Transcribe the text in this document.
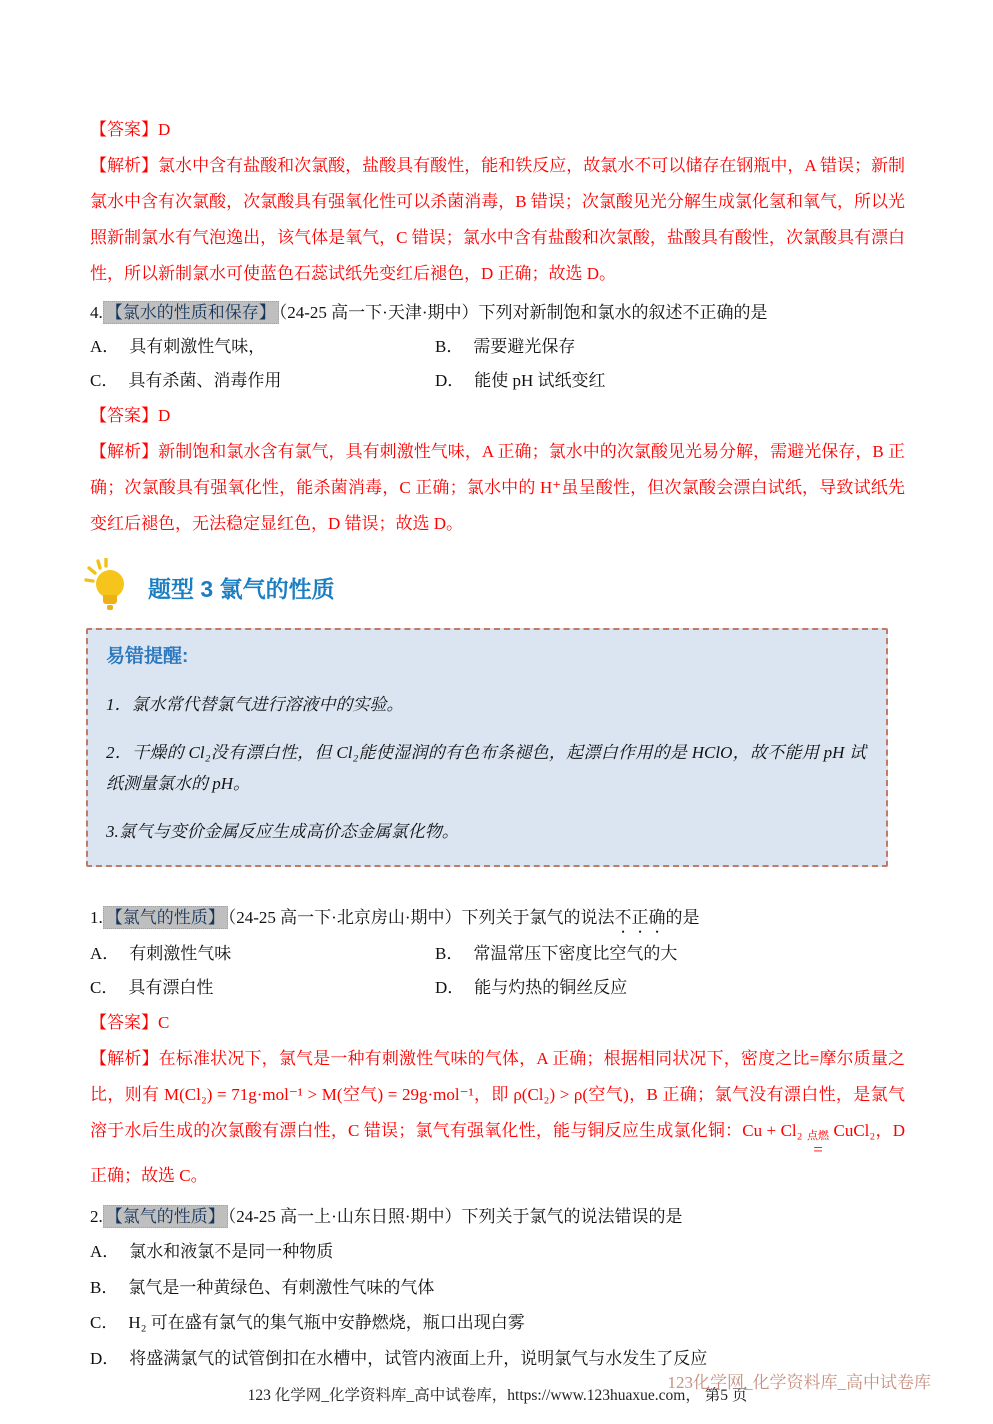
【答案】D

【解析】氯水中含有盐酸和次氯酸，盐酸具有酸性，能和铁反应，故氯水不可以储存在钢瓶中，A 错误；新制氯水中含有次氯酸，次氯酸具有强氧化性可以杀菌消毒，B 错误；次氯酸见光分解生成氯化氢和氧气，所以光照新制氯水有气泡逸出，该气体是氧气，C 错误；氯水中含有盐酸和次氯酸，盐酸具有酸性，次氯酸具有漂白性，所以新制氯水可使蓝色石蕊试纸先变红后褪色，D 正确；故选 D。

4. 【氯水的性质和保存】 （24-25 高一下·天津·期中）下列对新制饱和氯水的叙述不正确的是

A． 具有刺激性气味，	B． 需要避光保存
C． 具有杀菌、消毒作用	D． 能使 pH 试纸变红

【答案】D

【解析】新制饱和氯水含有氯气，具有刺激性气味，A 正确；氯水中的次氯酸见光易分解，需避光保存，B 正确；次氯酸具有强氧化性，能杀菌消毒，C 正确；氯水中的 H⁺虽呈酸性，但次氯酸会漂白试纸，导致试纸先变红后褪色，无法稳定显红色，D 错误；故选 D。

题型 3 氯气的性质

易错提醒:

1．氯水常代替氯气进行溶液中的实验。

2．干燥的 Cl₂没有漂白性，但 Cl₂能使湿润的有色布条褪色，起漂白作用的是 HClO，故不能用 pH 试纸测量氯水的 pH。

3.氯气与变价金属反应生成高价态金属氯化物。

1. 【氯气的性质】 （24-25 高一下·北京房山·期中）下列关于氯气的说法不正确的是

A． 有刺激性气味	B． 常温常压下密度比空气的大
C． 具有漂白性	D． 能与灼热的铜丝反应

【答案】C

【解析】在标准状况下，氯气是一种有刺激性气味的气体，A 正确；根据相同状况下，密度之比=摩尔质量之比，则有 M(Cl₂) = 71g·mol⁻¹ > M(空气) = 29g·mol⁻¹，即 ρ(Cl₂) > ρ(空气)，B 正确；氯气没有漂白性，是氯气溶于水后生成的次氯酸有漂白性，C 错误；氯气有强氧化性，能与铜反应生成氯化铜：Cu + Cl₂ 点燃
=
CuCl₂，D 正确；故选 C。

2. 【氯气的性质】 （24-25 高一上·山东日照·期中）下列关于氯气的说法错误的是

A． 氯水和液氯不是同一种物质

B． 氯气是一种黄绿色、有刺激性气味的气体

C． H₂ 可在盛有氯气的集气瓶中安静燃烧，瓶口出现白雾

D． 将盛满氯气的试管倒扣在水槽中，试管内液面上升，说明氯气与水发生了反应

123 化学网_化学资料库_高中试卷库，https://www.123huaxue.com， 第5 页

123化学网_化学资料库_高中试卷库
